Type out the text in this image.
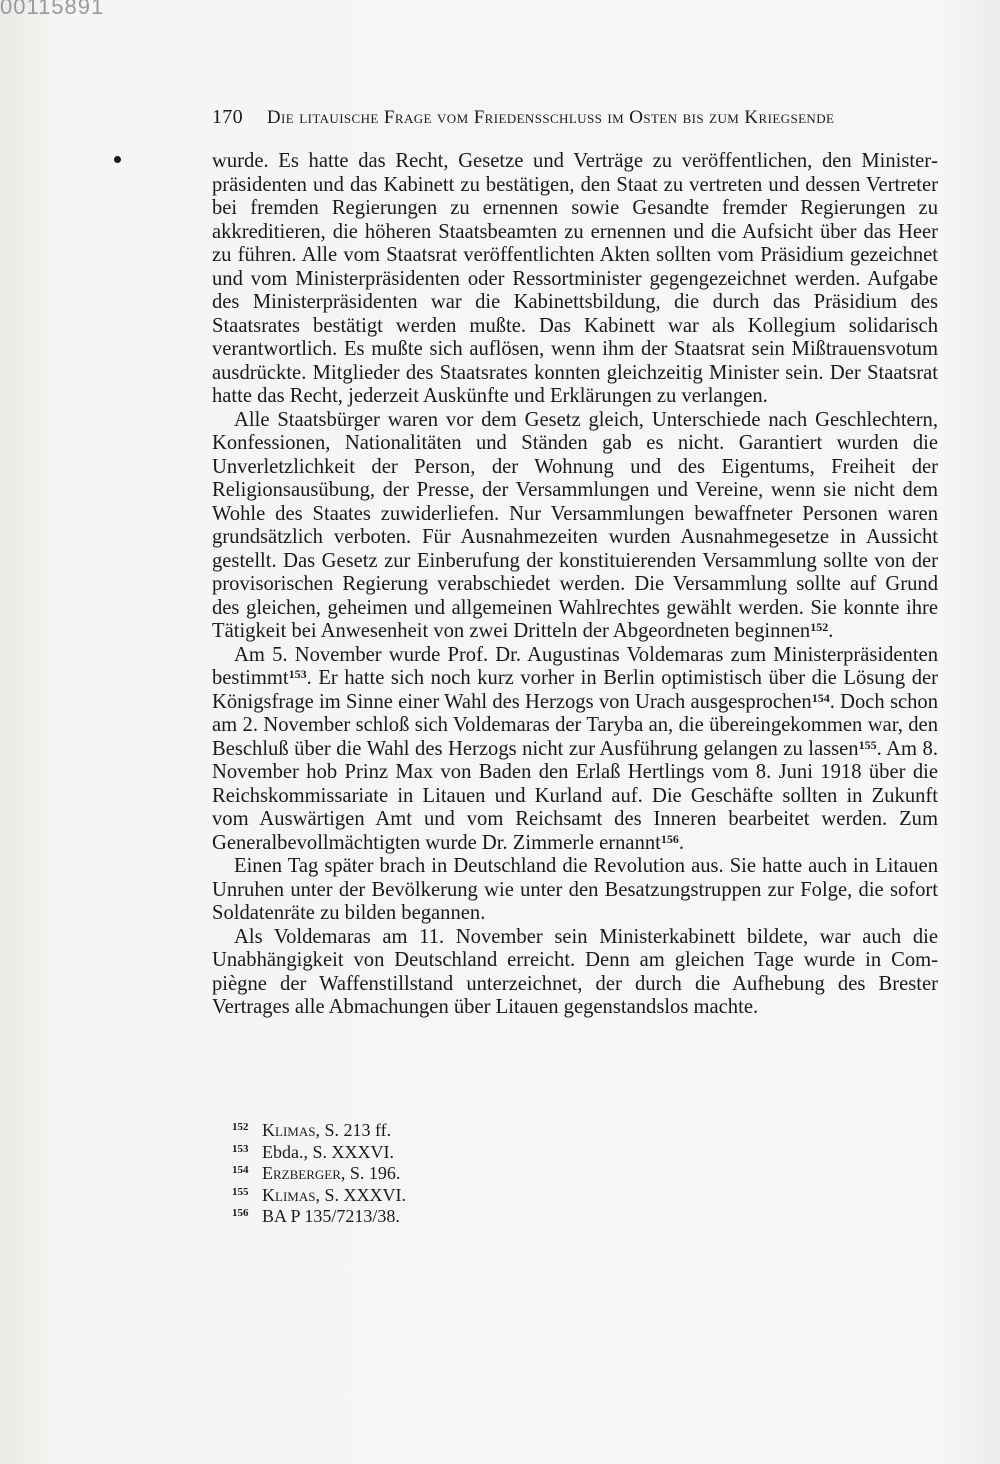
00115891
170 Die litauische Frage vom Friedensschluss im Osten bis zum Kriegsende

wurde. Es hatte das Recht, Gesetze und Verträge zu veröffentlichen, den Ministerpräsidenten und das Kabinett zu bestätigen, den Staat zu vertreten und dessen Vertreter bei fremden Regierungen zu ernennen sowie Gesandte fremder Regierungen zu akkreditieren, die höheren Staatsbeamten zu ernennen und die Aufsicht über das Heer zu führen. Alle vom Staatsrat veröffentlichten Akten sollten vom Präsidium gezeichnet und vom Ministerpräsidenten oder Ressortminister gegengezeichnet werden. Aufgabe des Ministerpräsidenten war die Kabinettsbildung, die durch das Präsidium des Staatsrates bestätigt werden mußte. Das Kabinett war als Kollegium solidarisch verantwortlich. Es mußte sich auflösen, wenn ihm der Staatsrat sein Mißtrauensvotum ausdrückte. Mitglieder des Staatsrates konnten gleichzeitig Minister sein. Der Staatsrat hatte das Recht, jederzeit Auskünfte und Erklärungen zu verlangen.

Alle Staatsbürger waren vor dem Gesetz gleich, Unterschiede nach Geschlechtern, Konfessionen, Nationalitäten und Ständen gab es nicht. Garantiert wurden die Unverletzlichkeit der Person, der Wohnung und des Eigentums, Freiheit der Religionsausübung, der Presse, der Versammlungen und Vereine, wenn sie nicht dem Wohle des Staates zuwiderliefen. Nur Versammlungen bewaffneter Personen waren grundsätzlich verboten. Für Ausnahmezeiten wurden Ausnahmegesetze in Aussicht gestellt. Das Gesetz zur Einberufung der konstituierenden Versammlung sollte von der provisorischen Regierung verabschiedet werden. Die Versammlung sollte auf Grund des gleichen, geheimen und allgemeinen Wahlrechtes gewählt werden. Sie konnte ihre Tätigkeit bei Anwesenheit von zwei Dritteln der Abgeordneten beginnen$^{152}$.

Am 5. November wurde Prof. Dr. Augustinas Voldemaras zum Ministerpräsidenten bestimmt$^{153}$. Er hatte sich noch kurz vorher in Berlin optimistisch über die Lösung der Königsfrage im Sinne einer Wahl des Herzogs von Urach ausgesprochen$^{154}$. Doch schon am 2. November schloß sich Voldemaras der Taryba an, die übereingekommen war, den Beschluß über die Wahl des Herzogs nicht zur Ausführung gelangen zu lassen$^{155}$. Am 8. November hob Prinz Max von Baden den Erlaß Hertlings vom 8. Juni 1918 über die Reichskommissariate in Litauen und Kurland auf. Die Geschäfte sollten in Zukunft vom Auswärtigen Amt und vom Reichsamt des Inneren bearbeitet werden. Zum Generalbevollmächtigten wurde Dr. Zimmerle ernannt$^{156}$.

Einen Tag später brach in Deutschland die Revolution aus. Sie hatte auch in Litauen Unruhen unter der Bevölkerung wie unter den Besatzungstruppen zur Folge, die sofort Soldatenräte zu bilden begannen.

Als Voldemaras am 11. November sein Ministerkabinett bildete, war auch die Unabhängigkeit von Deutschland erreicht. Denn am gleichen Tage wurde in Compiègne der Waffenstillstand unterzeichnet, der durch die Aufhebung des Brester Vertrages alle Abmachungen über Litauen gegenstandslos machte.

152 Klimas, S. 213 ff.
153 Ebda., S. XXXVI.
154 Erzberger, S. 196.
155 Klimas, S. XXXVI.
156 BA P 135/7213/38.
